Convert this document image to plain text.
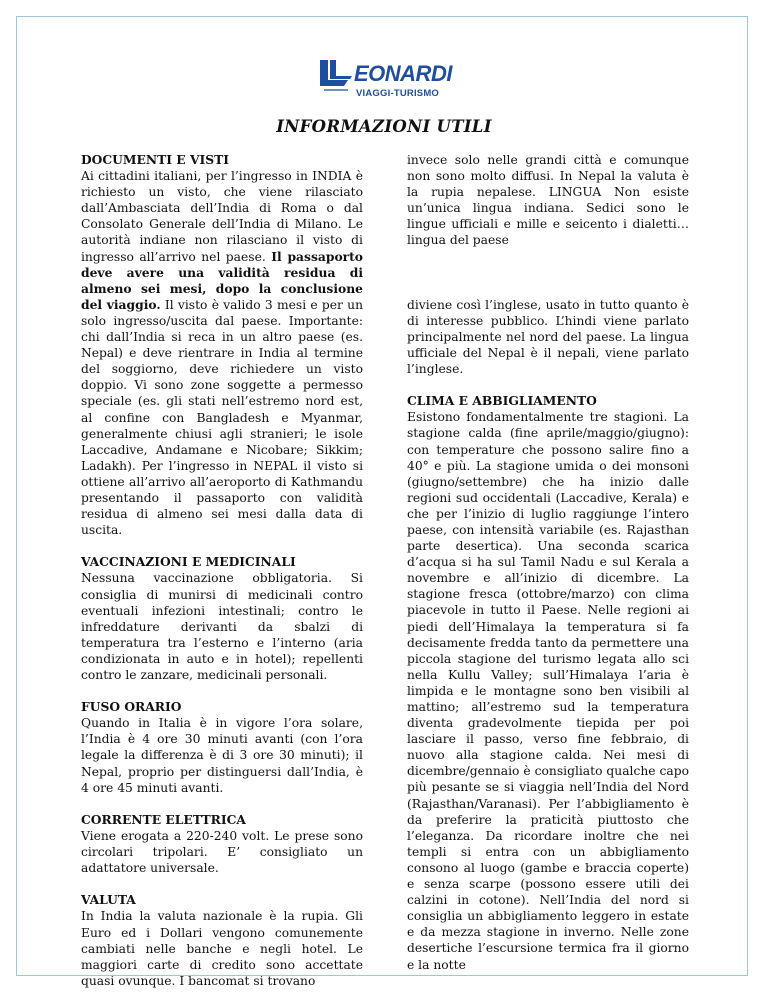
EONARDI
VIAGGI-TURISMO
INFORMAZIONI UTILI
DOCUMENTI E VISTI

Ai cittadini italiani, per l’ingresso in INDIA è richiesto un visto, che viene rilasciato dall’Ambasciata dell’India di Roma o dal Consolato Generale dell’India di Milano. Le autorità indiane non rilasciano il visto di ingresso all’arrivo nel paese. Il passaporto deve avere una validità residua di almeno sei mesi, dopo la conclusione del viaggio. Il visto è valido 3 mesi e per un solo ingresso/uscita dal paese. Importante: chi dall’India si reca in un altro paese (es. Nepal) e deve rientrare in India al termine del soggiorno, deve richiedere un visto doppio. Vi sono zone soggette a permesso speciale (es. gli stati nell’estremo nord est, al confine con Bangladesh e Myanmar, generalmente chiusi agli stranieri; le isole Laccadive, Andamane e Nicobare; Sikkim; Ladakh). Per l’ingresso in NEPAL il visto si ottiene all’arrivo all’aeroporto di Kathmandu presentando il passaporto con validità residua di almeno sei mesi dalla data di uscita.

VACCINAZIONI E MEDICINALI

Nessuna vaccinazione obbligatoria. Si consiglia di munirsi di medicinali contro eventuali infezioni intestinali; contro le infreddature derivanti da sbalzi di temperatura tra l’esterno e l’interno (aria condizionata in auto e in hotel); repellenti contro le zanzare, medicinali personali.

FUSO ORARIO

Quando in Italia è in vigore l’ora solare, l’India è 4 ore 30 minuti avanti (con l’ora legale la differenza è di 3 ore 30 minuti); il Nepal, proprio per distinguersi dall’India, è 4 ore 45 minuti avanti.

CORRENTE ELETTRICA

Viene erogata a 220-240 volt. Le prese sono circolari tripolari. E’ consigliato un adattatore universale.

VALUTA

In India la valuta nazionale è la rupia. Gli Euro ed i Dollari vengono comunemente cambiati nelle banche e negli hotel. Le maggiori carte di credito sono accettate quasi ovunque. I bancomat si trovano

invece solo nelle grandi città e comunque non sono molto diffusi. In Nepal la valuta è la rupia nepalese. LINGUA Non esiste un’unica lingua indiana. Sedici sono le lingue ufficiali e mille e seicento i dialetti… lingua del paese

diviene così l’inglese, usato in tutto quanto è di interesse pubblico. L’hindi viene parlato principalmente nel nord del paese. La lingua ufficiale del Nepal è il nepali, viene parlato l’inglese.

CLIMA E ABBIGLIAMENTO

Esistono fondamentalmente tre stagioni. La stagione calda (fine aprile/maggio/giugno): con temperature che possono salire fino a 40° e più. La stagione umida o dei monsoni (giugno/settembre) che ha inizio dalle regioni sud occidentali (Laccadive, Kerala) e che per l’inizio di luglio raggiunge l’intero paese, con intensità variabile (es. Rajasthan parte desertica). Una seconda scarica d’acqua si ha sul Tamil Nadu e sul Kerala a novembre e all’inizio di dicembre. La stagione fresca (ottobre/marzo) con clima piacevole in tutto il Paese. Nelle regioni ai piedi dell’Himalaya la temperatura si fa decisamente fredda tanto da permettere una piccola stagione del turismo legata allo sci nella Kullu Valley; sull’Himalaya l’aria è limpida e le montagne sono ben visibili al mattino; all’estremo sud la temperatura diventa gradevolmente tiepida per poi lasciare il passo, verso fine febbraio, di nuovo alla stagione calda. Nei mesi di dicembre/gennaio è consigliato qualche capo più pesante se si viaggia nell’India del Nord (Rajasthan/Varanasi). Per l’abbigliamento è da preferire la praticità piuttosto che l’eleganza. Da ricordare inoltre che nei templi si entra con un abbigliamento consono al luogo (gambe e braccia coperte) e senza scarpe (possono essere utili dei calzini in cotone). Nell’India del nord si consiglia un abbigliamento leggero in estate e da mezza stagione in inverno. Nelle zone desertiche l’escursione termica fra il giorno e la notte
